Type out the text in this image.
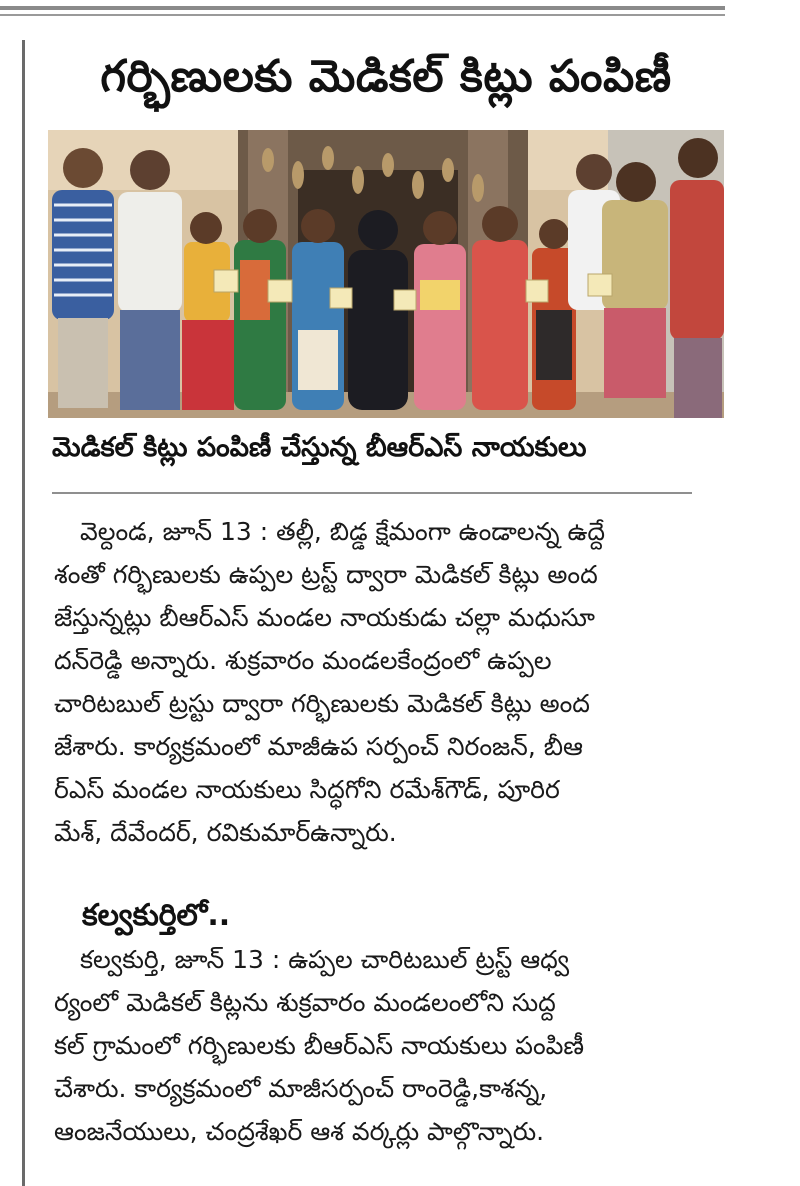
గర్భిణులకు మెడికల్ కిట్లు పంపిణీ
మెడికల్ కిట్లు పంపిణీ చేస్తున్న బీఆర్ఎస్ నాయకులు
వెల్దండ, జూన్ 13 : తల్లీ, బిడ్డ క్షేమంగా ఉండాలన్న ఉద్దే
శంతో గర్భిణులకు ఉప్పల ట్రస్ట్ ద్వారా మెడికల్ కిట్లు అంద
జేస్తున్నట్లు బీఆర్ఎస్ మండల నాయకుడు చల్లా మధుసూ
దన్‌రెడ్డి అన్నారు. శుక్రవారం మండలకేంద్రంలో ఉప్పల
చారిటబుల్ ట్రస్టు ద్వారా గర్భిణులకు మెడికల్ కిట్లు అంద
జేశారు. కార్యక్రమంలో మాజీఉప సర్పంచ్ నిరంజన్, బీఆ
ర్ఎస్ మండల నాయకులు సిద్ధగోని రమేశ్‌గౌడ్, పూరిర
మేశ్, దేవేందర్, రవికుమార్‌ఉన్నారు.
కల్వకుర్తిలో..
కల్వకుర్తి, జూన్ 13 : ఉప్పల చారిటబుల్ ట్రస్ట్ ఆధ్వ
ర్యంలో మెడికల్ కిట్లను శుక్రవారం మండలంలోని సుద్ద
కల్ గ్రామంలో గర్భిణులకు బీఆర్ఎస్ నాయకులు పంపిణీ
చేశారు. కార్యక్రమంలో మాజీసర్పంచ్ రాంరెడ్డి,కాశన్న,
ఆంజనేయులు, చంద్రశేఖర్ ఆశ వర్కర్లు పాల్గొన్నారు.
